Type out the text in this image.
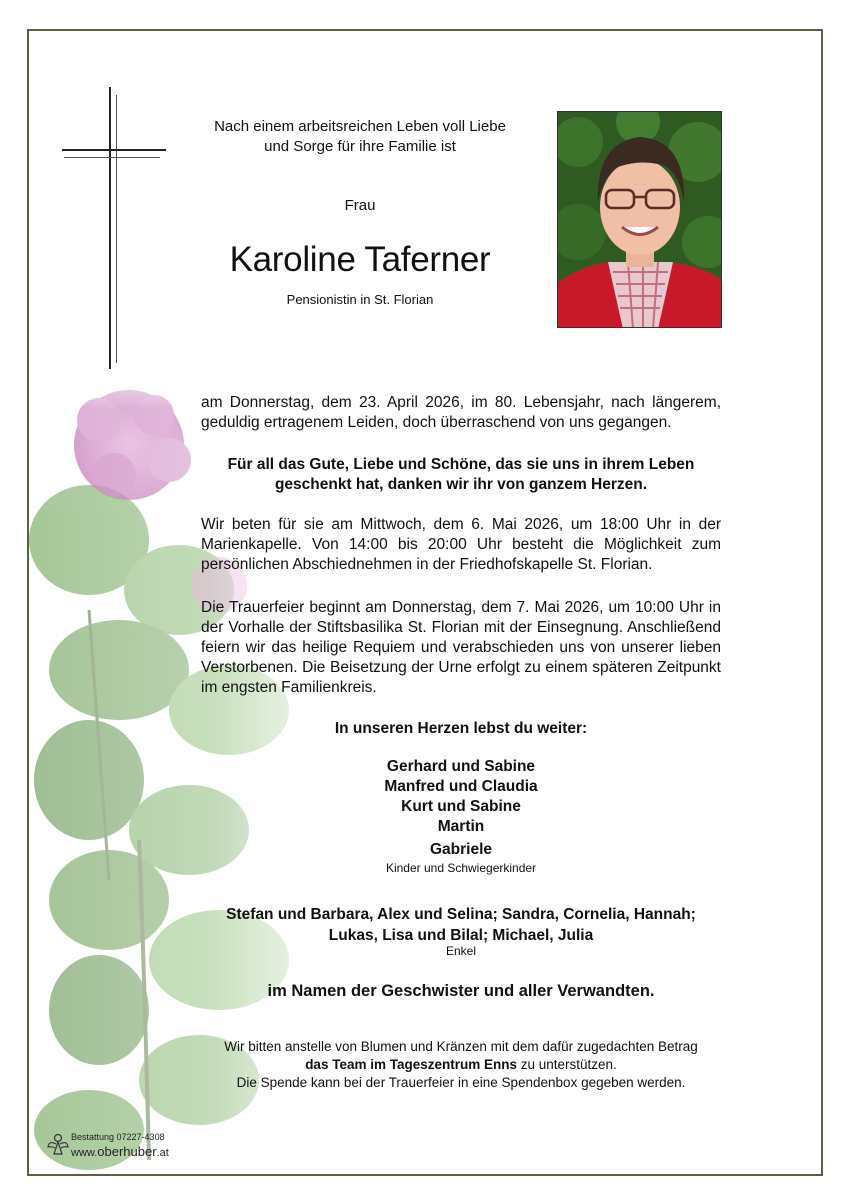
Nach einem arbeitsreichen Leben voll Liebe
und Sorge für ihre Familie ist
Frau
Karoline Taferner
Pensionistin in St. Florian
am Donnerstag, dem 23. April 2026, im 80. Lebensjahr, nach längerem, geduldig ertragenem Leiden, doch überraschend von uns gegangen.
Für all das Gute, Liebe und Schöne, das sie uns in ihrem Leben
geschenkt hat, danken wir ihr von ganzem Herzen.
Wir beten für sie am Mittwoch, dem 6. Mai 2026, um 18:00 Uhr in der Marienkapelle. Von 14:00 bis 20:00 Uhr besteht die Möglichkeit zum persönlichen Abschiednehmen in der Friedhofskapelle St. Florian.
Die Trauerfeier beginnt am Donnerstag, dem 7. Mai 2026, um 10:00 Uhr in der Vorhalle der Stiftsbasilika St. Florian mit der Einsegnung. Anschließend feiern wir das heilige Requiem und verabschieden uns von unserer lieben Verstorbenen. Die Beisetzung der Urne erfolgt zu einem späteren Zeitpunkt im engsten Familienkreis.
In unseren Herzen lebst du weiter:
Gerhard und Sabine
Manfred und Claudia
Kurt und Sabine
Martin
Gabriele
Kinder und Schwiegerkinder
Stefan und Barbara, Alex und Selina; Sandra, Cornelia, Hannah;
Lukas, Lisa und Bilal; Michael, Julia
Enkel
im Namen der Geschwister und aller Verwandten.
Wir bitten anstelle von Blumen und Kränzen mit dem dafür zugedachten Betrag
das Team im Tageszentrum Enns zu unterstützen.
Die Spende kann bei der Trauerfeier in eine Spendenbox gegeben werden.
Bestattung 07227-4308
www.oberhuber.at
